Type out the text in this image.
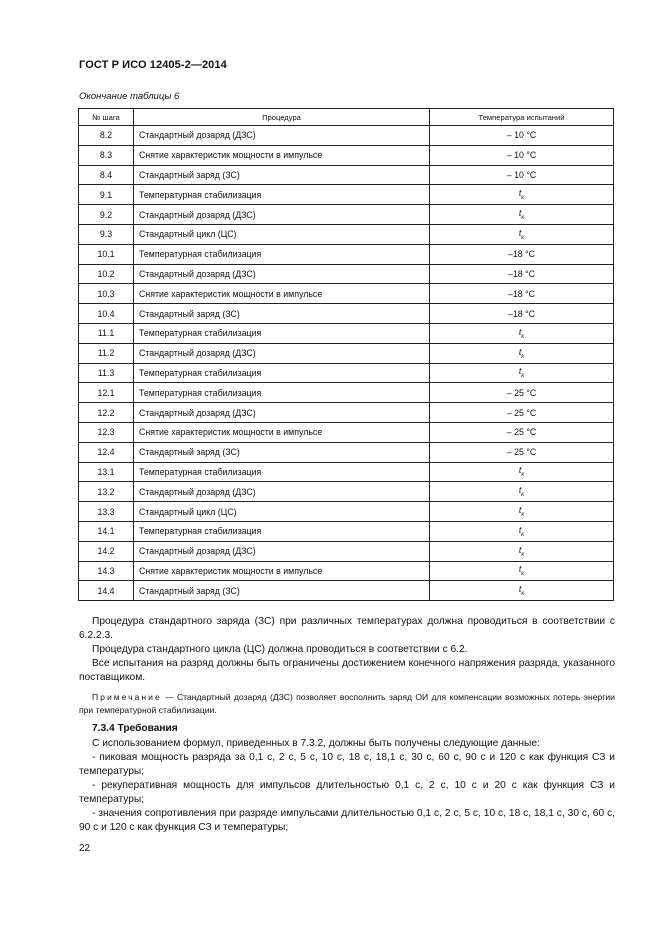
ГОСТ Р ИСО 12405-2—2014
Окончание таблицы 6
№ шага	Процедура	Температура испытаний
8.2	Стандартный дозаряд (ДЗС)	– 10 °С
8.3	Снятие характеристик мощности в импульсе	– 10 °С
8.4	Стандартный заряд (ЗС)	– 10 °С
9.1	Температурная стабилизация	$t_к$
9.2	Стандартный дозаряд (ДЗС)	$t_к$
9.3	Стандартный цикл (ЦС)	$t_к$
10.1	Температурная стабилизация	–18 °С
10.2	Стандартный дозаряд (ДЗС)	–18 °С
10.3	Снятие характеристик мощности в импульсе	–18 °С
10.4	Стандартный заряд (ЗС)	–18 °С
11.1	Температурная стабилизация	$t_к$
11.2	Стандартный дозаряд (ДЗС)	$t_к$
11.3	Температурная стабилизация	$t_к$
12.1	Температурная стабилизация	– 25 °С
12.2	Стандартный дозаряд (ДЗС)	– 25 °С
12.3	Снятие характеристик мощности в импульсе	– 25 °С
12.4	Стандартный заряд (ЗС)	– 25 °С
13.1	Температурная стабилизация	$t_к$
13.2	Стандартный дозаряд (ДЗС)	$t_к$
13.3	Стандартный цикл (ЦС)	$t_к$
14.1	Температурная стабилизация	$t_к$
14.2	Стандартный дозаряд (ДЗС)	$t_к$
14.3	Снятие характеристик мощности в импульсе	$t_к$
14.4	Стандартный заряд (ЗС)	$t_к$
Процедура стандартного заряда (ЗС) при различных температурах должна проводиться в соответствии с 6.2.2.3.
Процедура стандартного цикла (ЦС) должна проводиться в соответствии с 6.2.
Все испытания на разряд должны быть ограничены достижением конечного напряжения разряда, указанного поставщиком.
Примечание — Стандартный дозаряд (ДЗС) позволяет восполнить заряд ОИ для компенсации возможных потерь энергии при температурной стабилизации.
7.3.4 Требования
С использованием формул, приведенных в 7.3.2, должны быть получены следующие данные:
- пиковая мощность разряда за 0,1 с, 2 с, 5 с, 10 с, 18 с, 18,1 с, 30 с, 60 с, 90 с и 120 с как функция СЗ и температуры;
- рекуперативная мощность для импульсов длительностью 0,1 с, 2 с, 10 с и 20 с как функция СЗ и температуры;
- значения сопротивления при разряде импульсами длительностью 0,1 с, 2 с, 5 с, 10 с, 18 с, 18,1 с, 30 с, 60 с, 90 с и 120 с как функция СЗ и температуры;
22
